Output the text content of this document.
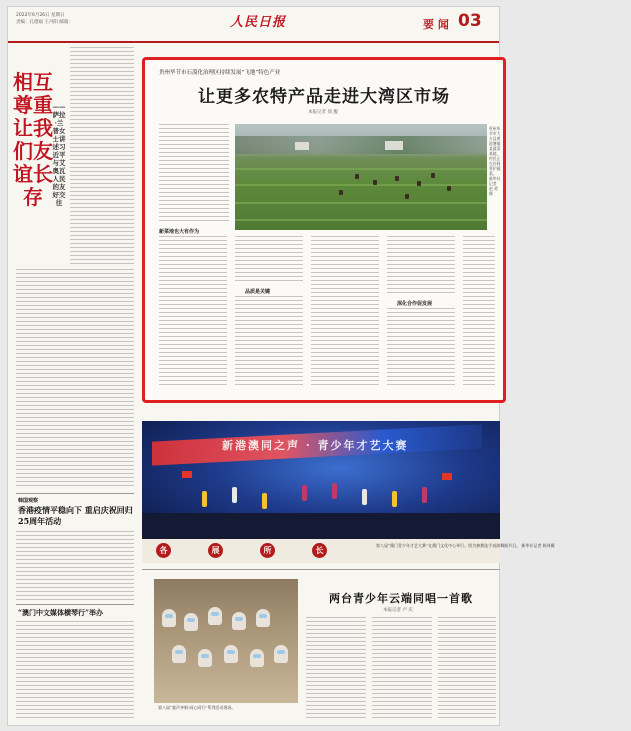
2022年6月26日 星期日
责编：孔德福 王丹阳 邮箱：	人民日报	要 闻 03
相互尊重让我们友谊长存
——萨拉·兰普女士讲述习近平与艾奥瓦人民的友好交往
韩国观察
香港疫情平稳向下 重启庆祝回归25周年活动
“澳门中文媒体横琴行”举办
贵州毕节市石漠化治理区持续发展“飞地”特色产业
让更多农特产品走进大湾区市场
本报记者 徐 靓
贵州毕节市大方县黄泥塘镇某蔬菜基地，村民正在田间管护蔬菜。 新华社记者 赵 勇摄
新菜地也大有作为
品质是关键
深化合作促发展
新港澳同之声 · 青少年才艺大赛
各	展	所	长	第八届“澳门青少年才艺大赛”在澳门文化中心举行。图为参赛选手表演舞蹈节目。 新华社记者 陈铎摄
第八届“童声齐唱·同心同行”系列活动现场。
两台青少年云端同唱一首歌
本报记者 卢 庆
